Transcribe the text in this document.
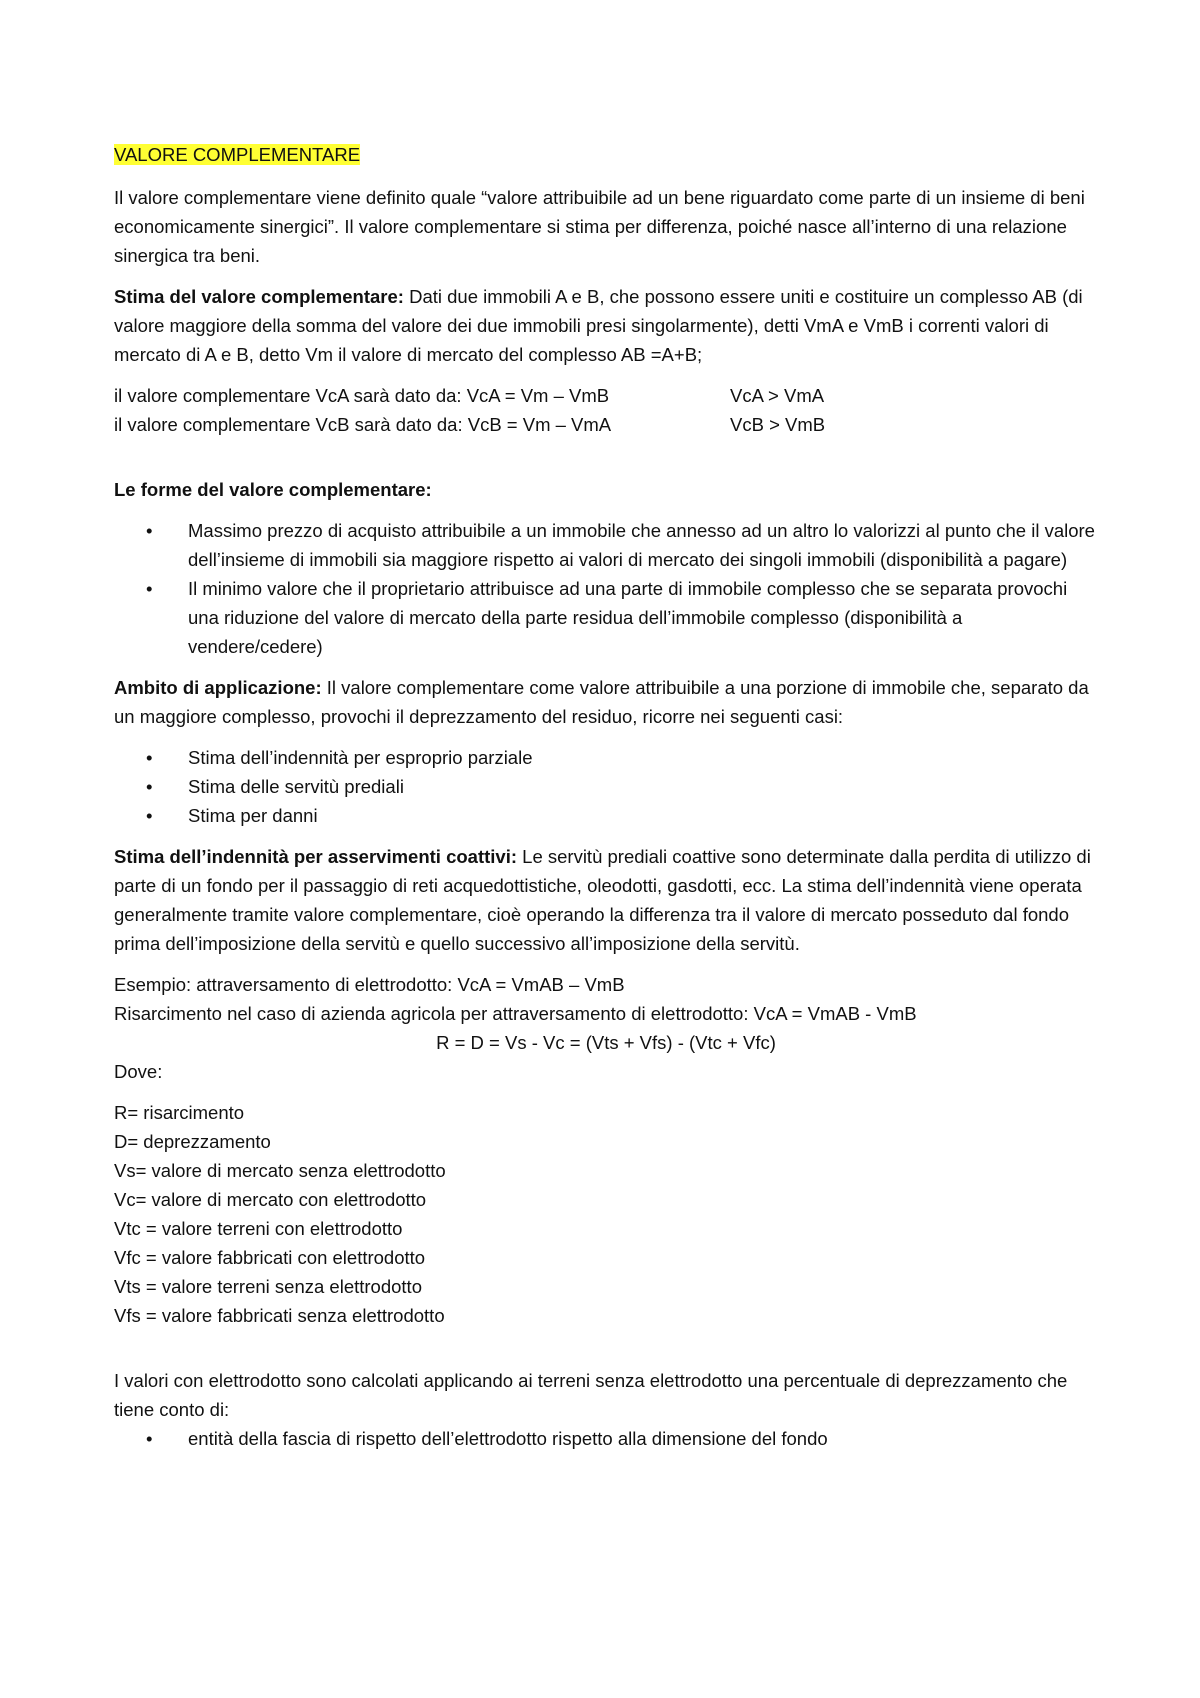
VALORE COMPLEMENTARE

Il valore complementare viene definito quale “valore attribuibile ad un bene riguardato come parte di un insieme di beni economicamente sinergici”. Il valore complementare si stima per differenza, poiché nasce all’interno di una relazione sinergica tra beni.

Stima del valore complementare: Dati due immobili A e B, che possono essere uniti e costituire un complesso AB (di valore maggiore della somma del valore dei due immobili presi singolarmente), detti VmA e VmB i correnti valori di mercato di A e B, detto Vm il valore di mercato del complesso AB =A+B;

il valore complementare VcA sarà dato da: VcA = Vm – VmB	VcA > VmA
il valore complementare VcB sarà dato da: VcB = Vm – VmA	VcB > VmB

Le forme del valore complementare:

• Massimo prezzo di acquisto attribuibile a un immobile che annesso ad un altro lo valorizzi al punto che il valore dell’insieme di immobili sia maggiore rispetto ai valori di mercato dei singoli immobili (disponibilità a pagare)
• Il minimo valore che il proprietario attribuisce ad una parte di immobile complesso che se separata provochi una riduzione del valore di mercato della parte residua dell’immobile complesso (disponibilità a vendere/cedere)

Ambito di applicazione: Il valore complementare come valore attribuibile a una porzione di immobile che, separato da un maggiore complesso, provochi il deprezzamento del residuo, ricorre nei seguenti casi:

• Stima dell’indennità per esproprio parziale
• Stima delle servitù prediali
• Stima per danni

Stima dell’indennità per asservimenti coattivi: Le servitù prediali coattive sono determinate dalla perdita di utilizzo di parte di un fondo per il passaggio di reti acquedottistiche, oleodotti, gasdotti, ecc. La stima dell’indennità viene operata generalmente tramite valore complementare, cioè operando la differenza tra il valore di mercato posseduto dal fondo prima dell’imposizione della servitù e quello successivo all’imposizione della servitù.

Esempio: attraversamento di elettrodotto: VcA = VmAB – VmB
Risarcimento nel caso di azienda agricola per attraversamento di elettrodotto: VcA = VmAB - VmB

R = D = Vs - Vc = (Vts + Vfs) - (Vtc + Vfc)
Dove:

R= risarcimento
D= deprezzamento
Vs= valore di mercato senza elettrodotto
Vc= valore di mercato con elettrodotto
Vtc = valore terreni con elettrodotto
Vfc = valore fabbricati con elettrodotto
Vts = valore terreni senza elettrodotto
Vfs = valore fabbricati senza elettrodotto

I valori con elettrodotto sono calcolati applicando ai terreni senza elettrodotto una percentuale di deprezzamento che tiene conto di:

• entità della fascia di rispetto dell’elettrodotto rispetto alla dimensione del fondo
